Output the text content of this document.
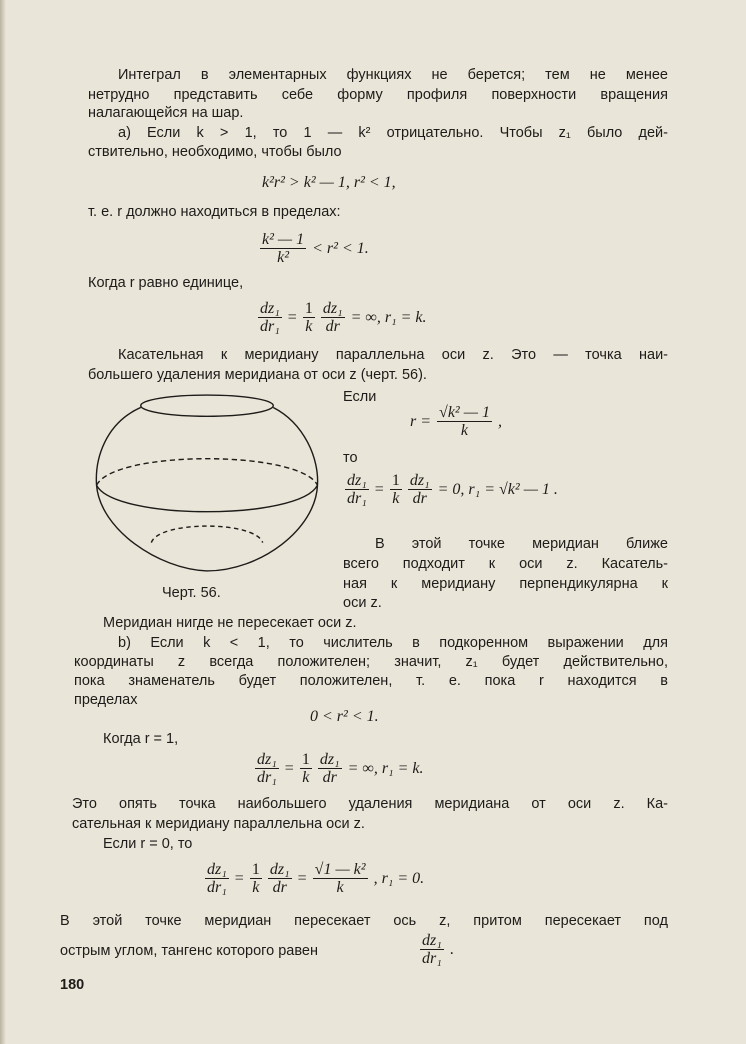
Интеграл в элементарных функциях не берется; тем не менее
нетрудно представить себе форму профиля поверхности вращения
налагающейся на шар.
а) Если k > 1, то 1 — k² отрицательно. Чтобы z₁ было дей-
ствительно, необходимо, чтобы было
k²r² > k² — 1, r² < 1,
т. е. r должно находиться в пределах:
$\frac{\text{k² — 1}}{\text{k²}} < r^2 < 1$.
Когда r равно единице,
$\frac{\text{dz₁}}{\text{dr₁}} = \frac{1}{k} \frac{\text{dz₁}}{dr}$ = ∞, r₁ = k.
Касательная к меридиану параллельна оси z. Это — точка наи-
большего удаления меридиана от оси z (черт. 56).
Черт. 56.
Если
$r = \frac{\text{√k² — 1}}{k}$ ,
то
$\frac{\text{dz₁}}{\text{dr₁}} = \frac{1}{k} \frac{\text{dz₁}}{dr} = 0$, r₁ = √k² — 1 .
В этой точке меридиан ближе
всего подходит к оси z. Касатель-
ная к меридиану перпендикулярна к
оси z.
Меридиан нигде не пересекает оси z.
b) Если k < 1, то числитель в подкоренном выражении для
координаты z всегда положителен; значит, z₁ будет действительно,
пока знаменатель будет положителен, т. е. пока r находится в
пределах
0 < r² < 1.
Когда r = 1,
$\frac{\text{dz₁}}{\text{dr₁}} = \frac{1}{k} \frac{\text{dz₁}}{dr}$ = ∞, r₁ = k.
Это опять точка наибольшего удаления меридиана от оси z. Ка-
сательная к меридиану параллельна оси z.
Если r = 0, то
$\frac{\text{dz₁}}{\text{dr₁}} = \frac{1}{k} \frac{\text{dz₁}}{dr} = \frac{\text{√1 — k²}}{k}$ , r₁ = 0.
В этой точке меридиан пересекает ось z, притом пересекает под
острым углом, тангенс которого равен	$\frac{\text{dz₁}}{\text{dr₁}}$ .
180
